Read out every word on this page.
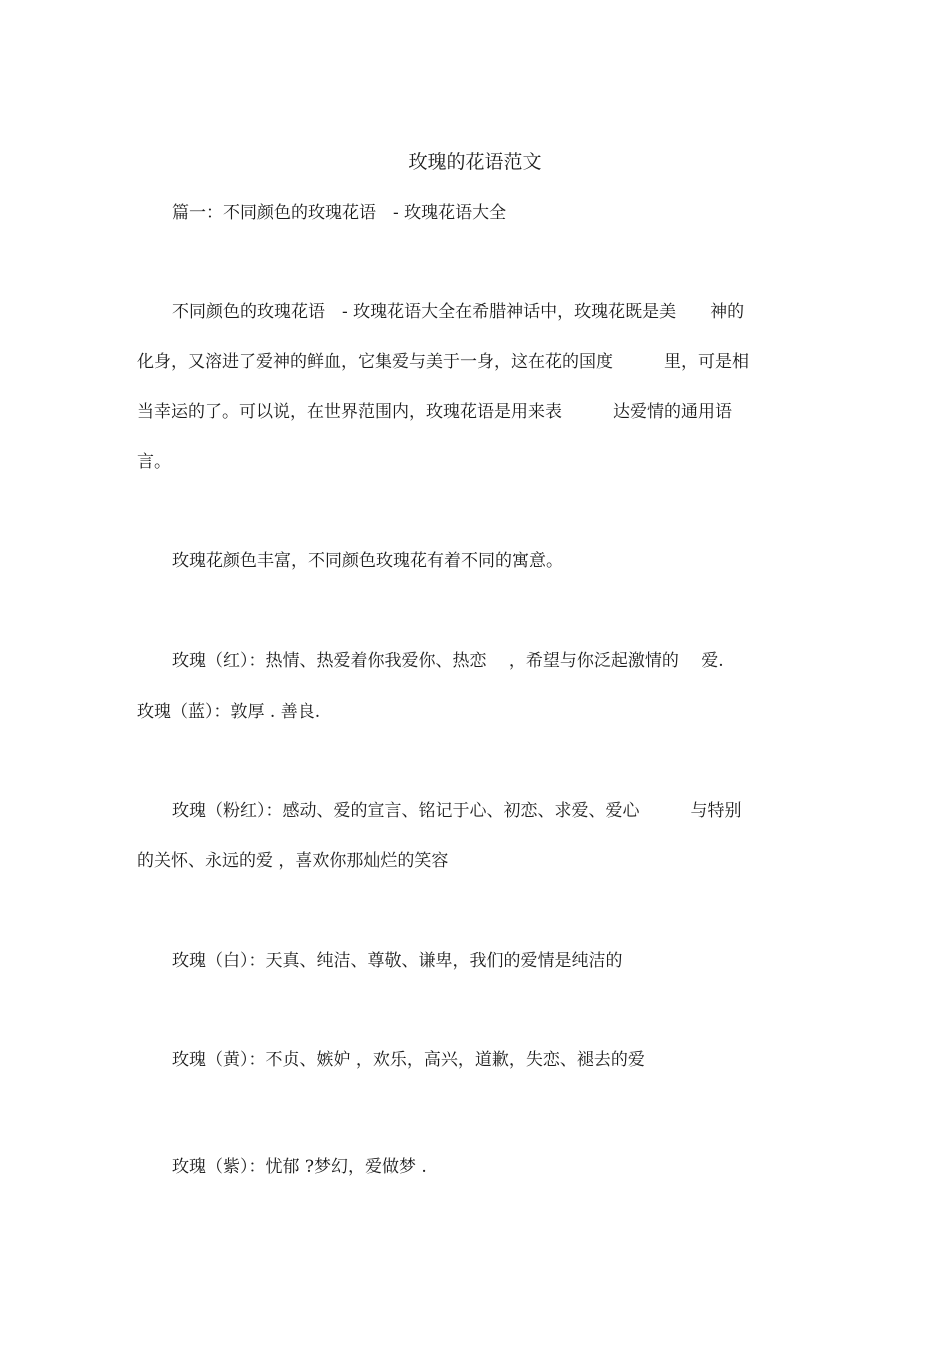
玫瑰的花语范文
篇一：不同颜色的玫瑰花语　- 玫瑰花语大全
不同颜色的玫瑰花语　- 玫瑰花语大全在希腊神话中，玫瑰花既是美　　神的
化身，又溶进了爱神的鲜血，它集爱与美于一身，这在花的国度　　　里，可是相
当幸运的了。可以说，在世界范围内，玫瑰花语是用来表　　　达爱情的通用语
言。
玫瑰花颜色丰富，不同颜色玫瑰花有着不同的寓意。
玫瑰（红）：热情、热爱着你我爱你、热恋　 ，希望与你泛起激情的　 爱.
玫瑰（蓝）：敦厚 . 善良.
玫瑰（粉红）：感动、爱的宣言、铭记于心、初恋、求爱、爱心　　　与特别
的关怀、永远的爱 ，喜欢你那灿烂的笑容
玫瑰（白）：天真、纯洁、尊敬、谦卑，我们的爱情是纯洁的
玫瑰（黄）：不贞、嫉妒 ，欢乐，高兴，道歉，失恋、褪去的爱
玫瑰（紫）：忧郁 ?梦幻，爱做梦 .
